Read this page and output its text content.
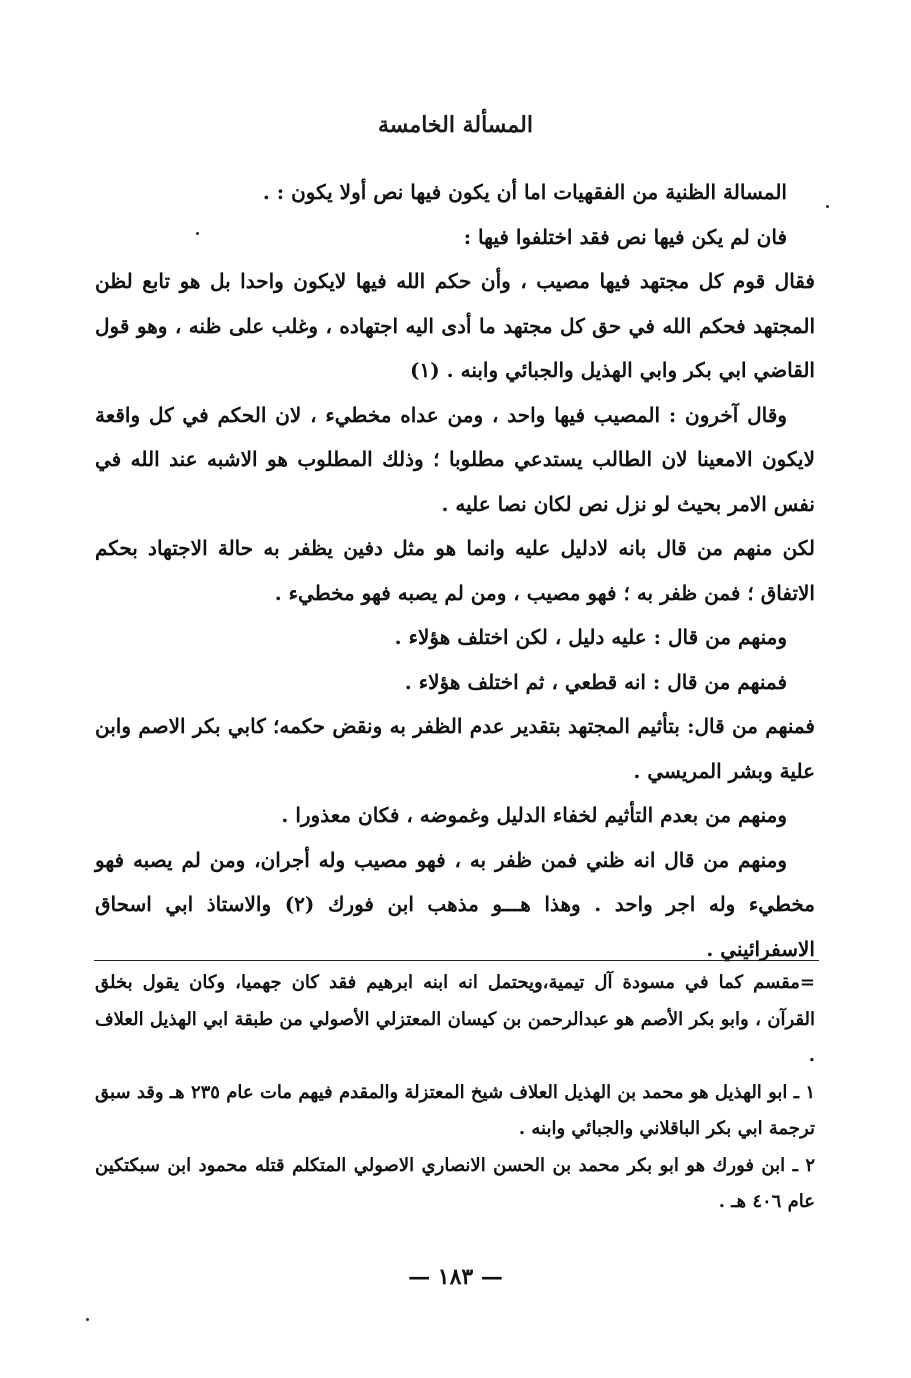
المسألة الخامسة

المسالة الظنية من الفقهيات اما أن يكون فيها نص أولا يكون : .

فان لم يكن فيها نص فقد اختلفوا فيها :

فقال قوم كل مجتهد فيها مصيب ، وأن حكم الله فيها لايكون واحدا بل هو تابع لظن المجتهد فحكم الله في حق كل مجتهد ما أدى اليه اجتهاده ، وغلب على ظنه ، وهو قول القاضي ابي بكر وابي الهذيل والجبائي وابنه . (١)

وقال آخرون : المصيب فيها واحد ، ومن عداه مخطيء ، لان الحكم في كل واقعة لايكون الامعينا لان الطالب يستدعي مطلوبا ؛ وذلك المطلوب هو الاشبه عند الله في نفس الامر بحيث لو نزل نص لكان نصا عليه .

لكن منهم من قال بانه لادليل عليه وانما هو مثل دفين يظفر به حالة الاجتهاد بحكم الاتفاق ؛ فمن ظفر به ؛ فهو مصيب ، ومن لم يصبه فهو مخطيء .

ومنهم من قال : عليه دليل ، لكن اختلف هؤلاء .

فمنهم من قال : انه قطعي ، ثم اختلف هؤلاء .

فمنهم من قال: بتأثيم المجتهد بتقدير عدم الظفر به ونقض حكمه؛ كابي بكر الاصم وابن علية وبشر المريسي .

ومنهم من بعدم التأثيم لخفاء الدليل وغموضه ، فكان معذورا .

ومنهم من قال انه ظني فمن ظفر به ، فهو مصيب وله أجران، ومن لم يصبه فهو مخطيء وله اجر واحد . وهذا هـــو مذهب ابن فورك (٢) والاستاذ ابي اسحاق الاسفرائيني .

=مقسم كما في مسودة آل تيمية،ويحتمل انه ابنه ابرهيم فقد كان جهميا، وكان يقول بخلق القرآن ، وابو بكر الأصم هو عبدالرحمن بن كيسان المعتزلي الأصولي من طبقة ابي الهذيل العلاف .

١ ـ ابو الهذيل هو محمد بن الهذيل العلاف شيخ المعتزلة والمقدم فيهم مات عام ٢٣٥ هـ وقد سبق ترجمة ابي بكر الباقلاني والجبائي وابنه .

٢ ـ ابن فورك هو ابو بكر محمد بن الحسن الانصاري الاصولي المتكلم قتله محمود ابن سبكتكين عام ٤٠٦ هـ .

— ١٨٣ —
